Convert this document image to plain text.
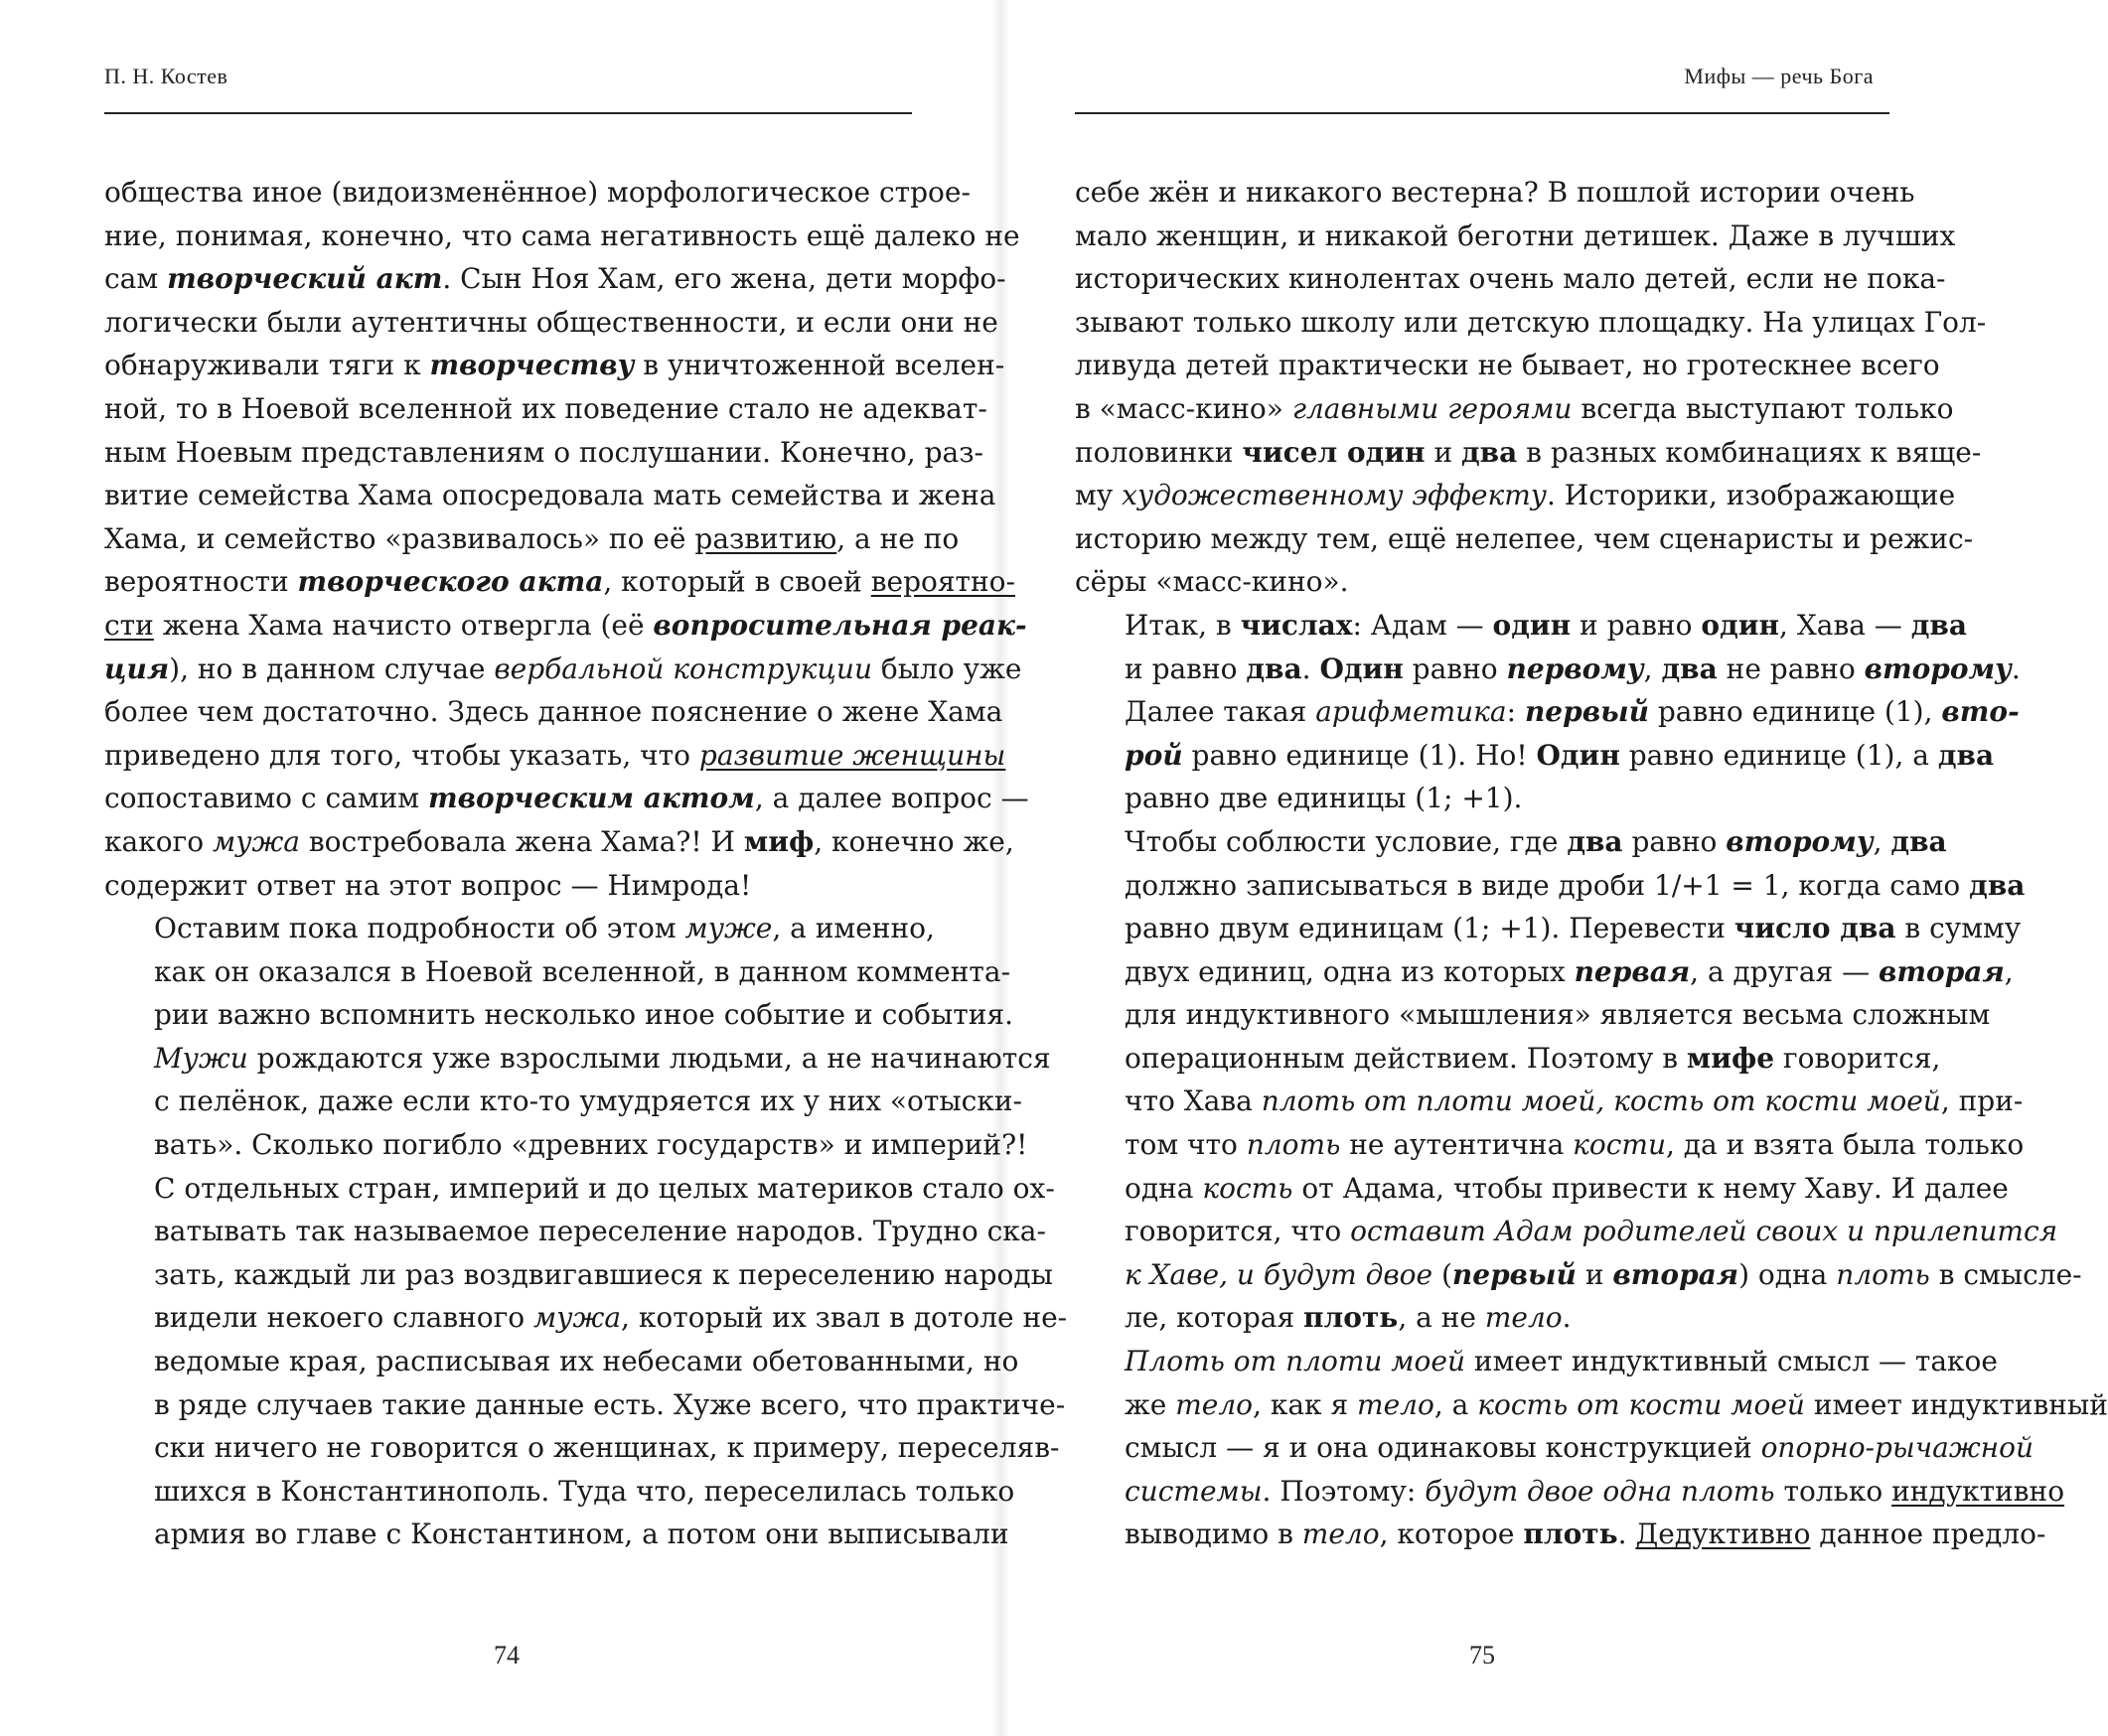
П. Н. Костев

общества иное (видоизменённое) морфологическое строе-
ние, понимая, конечно, что сама негативность ещё далеко не
сам творческий акт. Сын Ноя Хам, его жена, дети морфо-
логически были аутентичны общественности, и если они не
обнаруживали тяги к творчеству в уничтоженной вселен-
ной, то в Ноевой вселенной их поведение стало не адекват-
ным Ноевым представлениям о послушании. Конечно, раз-
витие семейства Хама опосредовала мать семейства и жена
Хама, и семейство «развивалось» по её развитию, а не по
вероятности творческого акта, который в своей вероятно-
сти жена Хама начисто отвергла (её вопросительная реак-
ция), но в данном случае вербальной конструкции было уже
более чем достаточно. Здесь данное пояснение о жене Хама
приведено для того, чтобы указать, что развитие женщины
сопоставимо с самим творческим актом, а далее вопрос —
какого мужа востребовала жена Хама?! И миф, конечно же,
содержит ответ на этот вопрос — Нимрода!

Оставим пока подробности об этом муже, а именно,
как он оказался в Ноевой вселенной, в данном коммента-
рии важно вспомнить несколько иное событие и события.
Мужи рождаются уже взрослыми людьми, а не начинаются
с пелёнок, даже если кто-то умудряется их у них «отыски-
вать». Сколько погибло «древних государств» и империй?!
С отдельных стран, империй и до целых материков стало ох-
ватывать так называемое переселение народов. Трудно ска-
зать, каждый ли раз воздвигавшиеся к переселению народы
видели некоего славного мужа, который их звал в дотоле не-
ведомые края, расписывая их небесами обетованными, но
в ряде случаев такие данные есть. Хуже всего, что практиче-
ски ничего не говорится о женщинах, к примеру, переселяв-
шихся в Константинополь. Туда что, переселилась только
армия во главе с Константином, а потом они выписывали

74
Мифы — речь Бога

себе жён и никакого вестерна? В пошлой истории очень
мало женщин, и никакой беготни детишек. Даже в лучших
исторических кинолентах очень мало детей, если не пока-
зывают только школу или детскую площадку. На улицах Гол-
ливуда детей практически не бывает, но гротескнее всего
в «масс-кино» главными героями всегда выступают только
половинки чисел один и два в разных комбинациях к вяще-
му художественному эффекту. Историки, изображающие
историю между тем, ещё нелепее, чем сценаристы и режис-
сёры «масс-кино».

Итак, в числах: Адам — один и равно один, Хава — два
и равно два. Один равно первому, два не равно второму.
Далее такая арифметика: первый равно единице (1), вто-
рой равно единице (1). Но! Один равно единице (1), а два
равно две единицы (1; +1).

Чтобы соблюсти условие, где два равно второму, два
должно записываться в виде дроби 1/+1 = 1, когда само два
равно двум единицам (1; +1). Перевести число два в сумму
двух единиц, одна из которых первая, а другая — вторая,
для индуктивного «мышления» является весьма сложным
операционным действием. Поэтому в мифе говорится,
что Хава плоть от плоти моей, кость от кости моей, при-
том что плоть не аутентична кости, да и взята была только
одна кость от Адама, чтобы привести к нему Хаву. И далее
говорится, что оставит Адам родителей своих и прилепится
к Хаве, и будут двое (первый и вторая) одна плоть в смысле-
ле, которая плоть, а не тело.

Плоть от плоти моей имеет индуктивный смысл — такое
же тело, как я тело, а кость от кости моей имеет индуктивный
смысл — я и она одинаковы конструкцией опорно-рычажной
системы. Поэтому: будут двое одна плоть только индуктивно
выводимо в тело, которое плоть. Дедуктивно данное предло-

75
